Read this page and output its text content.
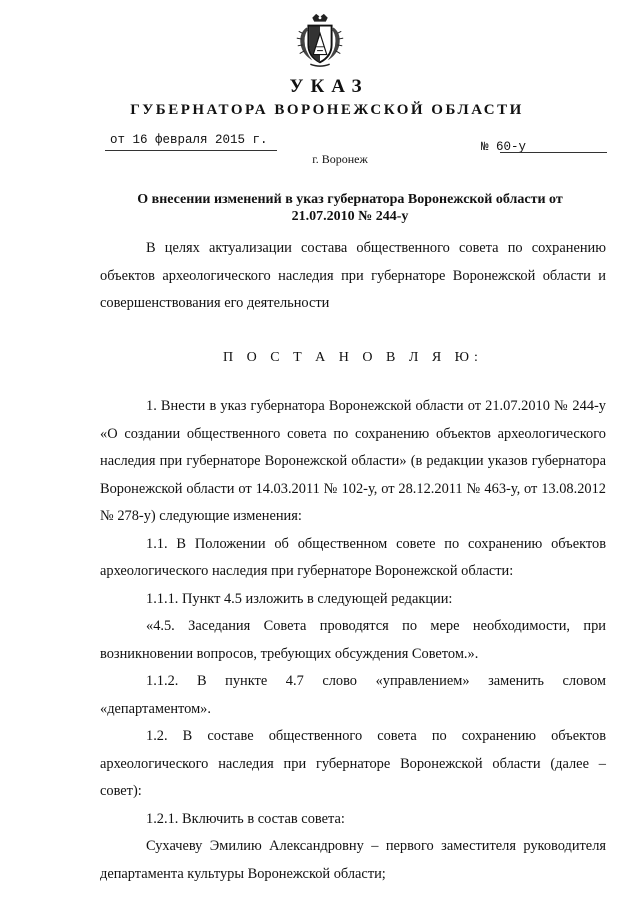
УКАЗ
ГУБЕРНАТОРА ВОРОНЕЖСКОЙ ОБЛАСТИ
от 16 февраля 2015 г.	№ 60-у
г. Воронеж
О внесении изменений в указ губернатора Воронежской области от 21.07.2010 № 244-у

В целях актуализации состава общественного совета по сохранению объектов археологического наследия при губернаторе Воронежской области и совершенствования его деятельности

П О С Т А Н О В Л Я Ю:

1. Внести в указ губернатора Воронежской области от 21.07.2010 № 244-у «О создании общественного совета по сохранению объектов археологического наследия при губернаторе Воронежской области» (в редакции указов губернатора Воронежской области от 14.03.2011 № 102-у, от 28.12.2011 № 463-у, от 13.08.2012 № 278-у) следующие изменения:

1.1. В Положении об общественном совете по сохранению объектов археологического наследия при губернаторе Воронежской области:

1.1.1. Пункт 4.5 изложить в следующей редакции:

«4.5. Заседания Совета проводятся по мере необходимости, при возникновении вопросов, требующих обсуждения Советом.».

1.1.2. В пункте 4.7 слово «управлением» заменить словом «департаментом».

1.2. В составе общественного совета по сохранению объектов археологического наследия при губернаторе Воронежской области (далее – совет):

1.2.1. Включить в состав совета:

Сухачеву Эмилию Александровну – первого заместителя руководителя департамента культуры Воронежской области;
